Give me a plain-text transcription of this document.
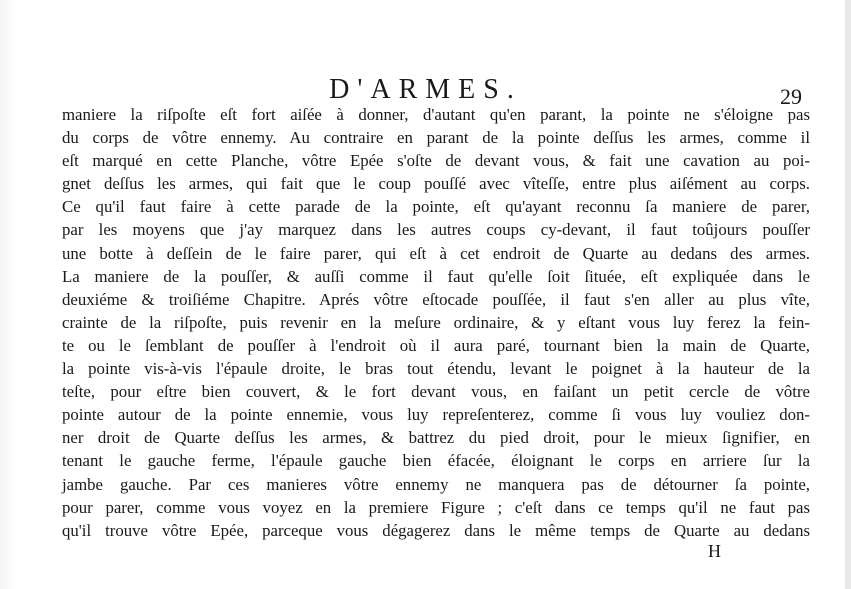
D'ARMES.	29
maniere la riſpoſte eſt fort aiſée à donner, d'autant qu'en parant, la pointe ne s'éloigne pas
du corps de vôtre ennemy. Au contraire en parant de la pointe deſſus les armes, comme il
eſt marqué en cette Planche, vôtre Epée s'oſte de devant vous, & fait une cavation au poi-
gnet deſſus les armes, qui fait que le coup pouſſé avec vîteſſe, entre plus aiſément au corps.
Ce qu'il faut faire à cette parade de la pointe, eſt qu'ayant reconnu ſa maniere de parer,
par les moyens que j'ay marquez dans les autres coups cy-devant, il faut toûjours pouſſer
une botte à deſſein de le faire parer, qui eſt à cet endroit de Quarte au dedans des armes.
La maniere de la pouſſer, & auſſi comme il faut qu'elle ſoit ſituée, eſt expliquée dans le
deuxiéme & troiſiéme Chapitre. Aprés vôtre eſtocade pouſſée, il faut s'en aller au plus vîte,
crainte de la riſpoſte, puis revenir en la meſure ordinaire, & y eſtant vous luy ferez la fein-
te ou le ſemblant de pouſſer à l'endroit où il aura paré, tournant bien la main de Quarte,
la pointe vis-à-vis l'épaule droite, le bras tout étendu, levant le poignet à la hauteur de la
teſte, pour eſtre bien couvert, & le fort devant vous, en faiſant un petit cercle de vôtre
pointe autour de la pointe ennemie, vous luy repreſenterez, comme ſi vous luy vouliez don-
ner droit de Quarte deſſus les armes, & battrez du pied droit, pour le mieux ſignifier, en
tenant le gauche ferme, l'épaule gauche bien éfacée, éloignant le corps en arriere ſur la
jambe gauche. Par ces manieres vôtre ennemy ne manquera pas de détourner ſa pointe,
pour parer, comme vous voyez en la premiere Figure ; c'eſt dans ce temps qu'il ne faut pas
qu'il trouve vôtre Epée, parceque vous dégagerez dans le même temps de Quarte au dedans
H
